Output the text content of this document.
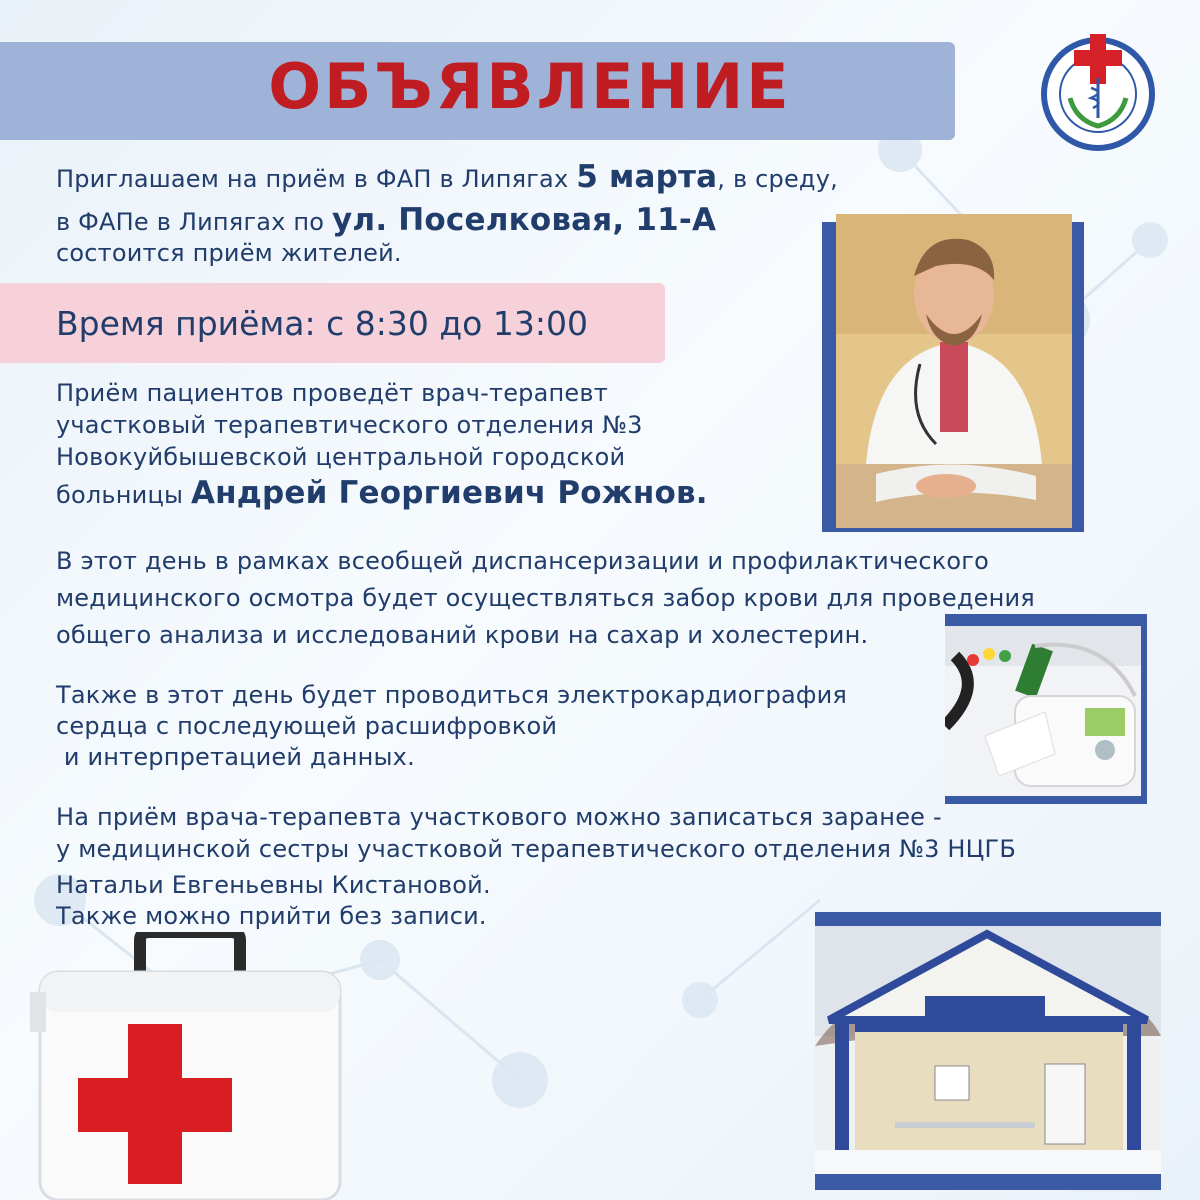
ОБЪЯВЛЕНИЕ
Приглашаем на приём в ФАП в Липягах 5 марта, в среду,
в ФАПе в Липягах по ул. Поселковая, 11-А
состоится приём жителей.
Время приёма: с 8:30 до 13:00
Приём пациентов проведёт врач-терапевт
участковый терапевтического отделения №3
Новокуйбышевской центральной городской
больницы Андрей Георгиевич Рожнов.
В этот день в рамках всеобщей диспансеризации и профилактического
медицинского осмотра будет осуществляться забор крови для проведения
общего анализа и исследований крови на сахар и холестерин.
Также в этот день будет проводиться электрокардиография
сердца с последующей расшифровкой
и интерпретацией данных.
На приём врача-терапевта участкового можно записаться заранее -
у медицинской сестры участковой терапевтического отделения №3 НЦГБ
Натальи Евгеньевны Кистановой.
Также можно прийти без записи.
